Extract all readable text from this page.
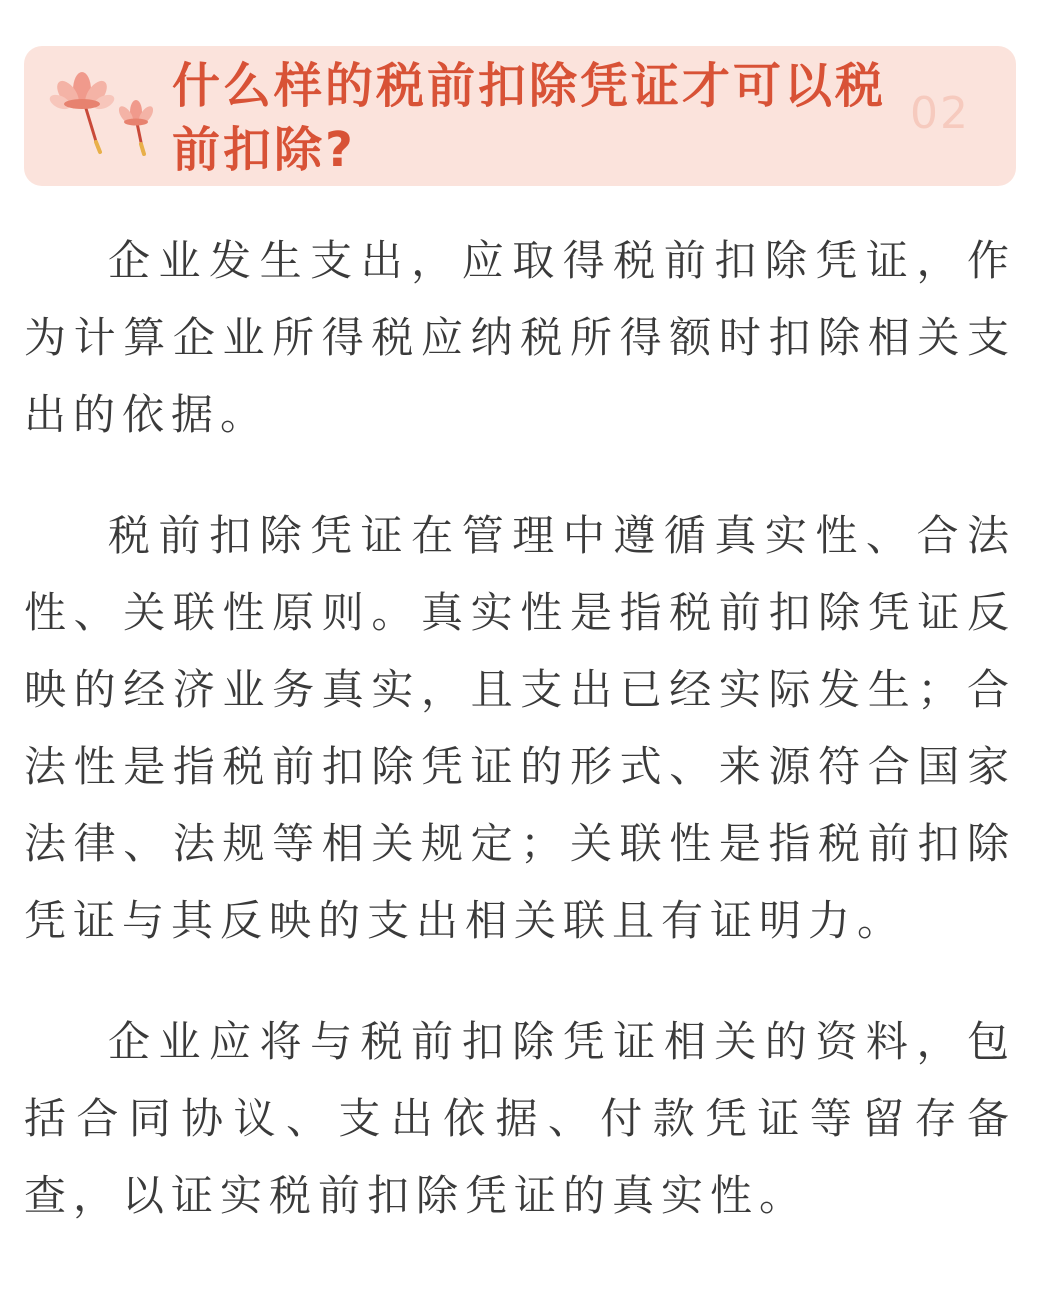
什么样的税前扣除凭证才可以税前扣除?
02

企业发生支出，应取得税前扣除凭证，作为计算企业所得税应纳税所得额时扣除相关支出的依据。

税前扣除凭证在管理中遵循真实性、合法性、关联性原则。真实性是指税前扣除凭证反映的经济业务真实，且支出已经实际发生；合法性是指税前扣除凭证的形式、来源符合国家法律、法规等相关规定；关联性是指税前扣除凭证与其反映的支出相关联且有证明力。

企业应将与税前扣除凭证相关的资料，包括合同协议、支出依据、付款凭证等留存备查，以证实税前扣除凭证的真实性。
